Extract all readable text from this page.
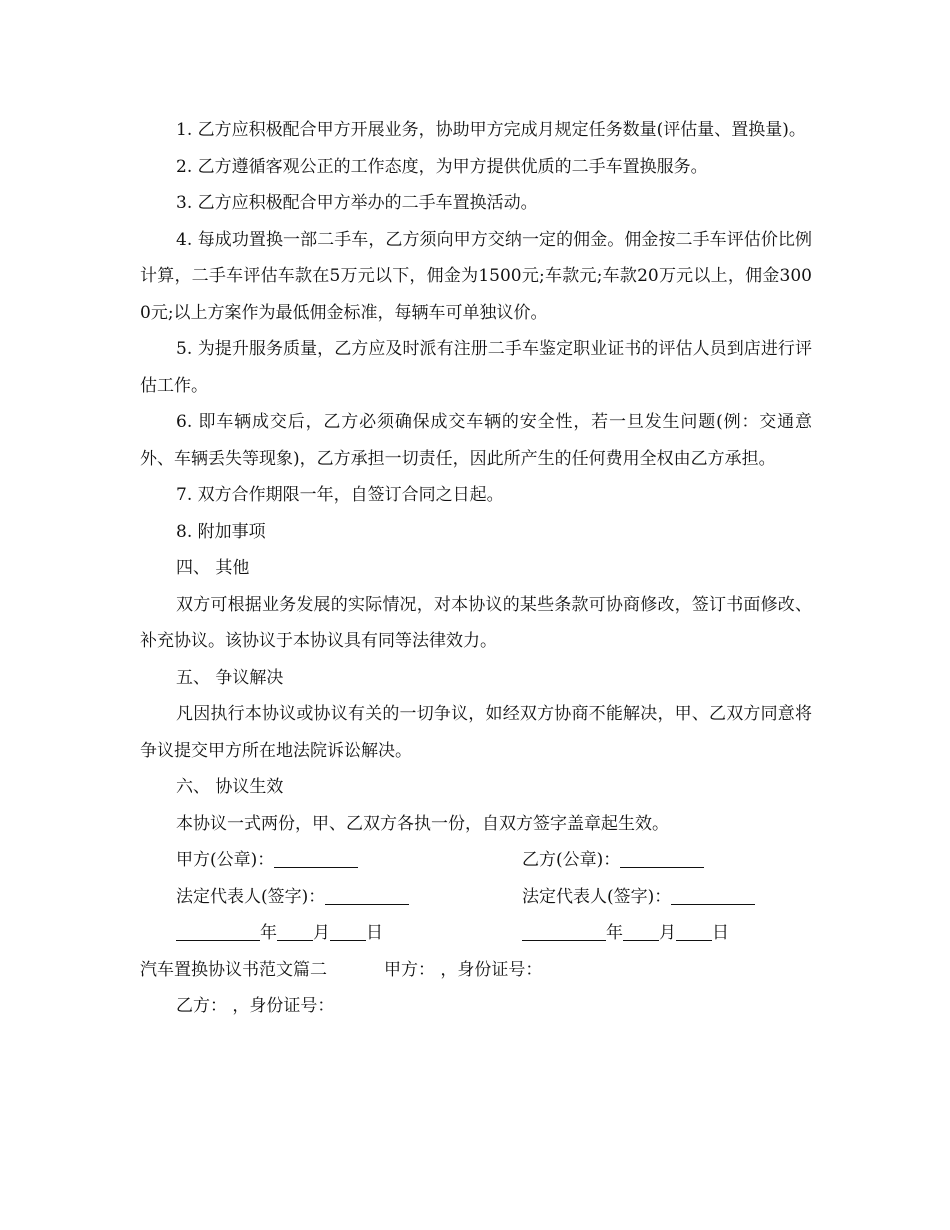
1. 乙方应积极配合甲方开展业务，协助甲方完成月规定任务数量(评估量、置换量)。

2. 乙方遵循客观公正的工作态度，为甲方提供优质的二手车置换服务。

3. 乙方应积极配合甲方举办的二手车置换活动。

4. 每成功置换一部二手车，乙方须向甲方交纳一定的佣金。佣金按二手车评估价比例计算，二手车评估车款在5万元以下，佣金为1500元;车款元;车款20万元以上，佣金3000元;以上方案作为最低佣金标准，每辆车可单独议价。

5. 为提升服务质量，乙方应及时派有注册二手车鉴定职业证书的评估人员到店进行评估工作。

6. 即车辆成交后，乙方必须确保成交车辆的安全性，若一旦发生问题(例：交通意外、车辆丢失等现象)，乙方承担一切责任，因此所产生的任何费用全权由乙方承担。

7. 双方合作期限一年，自签订合同之日起。

8. 附加事项

四、 其他

双方可根据业务发展的实际情况，对本协议的某些条款可协商修改，签订书面修改、补充协议。该协议于本协议具有同等法律效力。

五、 争议解决

凡因执行本协议或协议有关的一切争议，如经双方协商不能解决，甲、乙双方同意将争议提交甲方所在地法院诉讼解决。

六、 协议生效

本协议一式两份，甲、乙双方各执一份，自双方签字盖章起生效。

甲方(公章)：	乙方(公章)：
法定代表人(签字)：	法定代表人(签字)：
年 月 日	年 月 日
汽车置换协议书范文篇二	甲方： ，身份证号：

乙方： ，身份证号：
